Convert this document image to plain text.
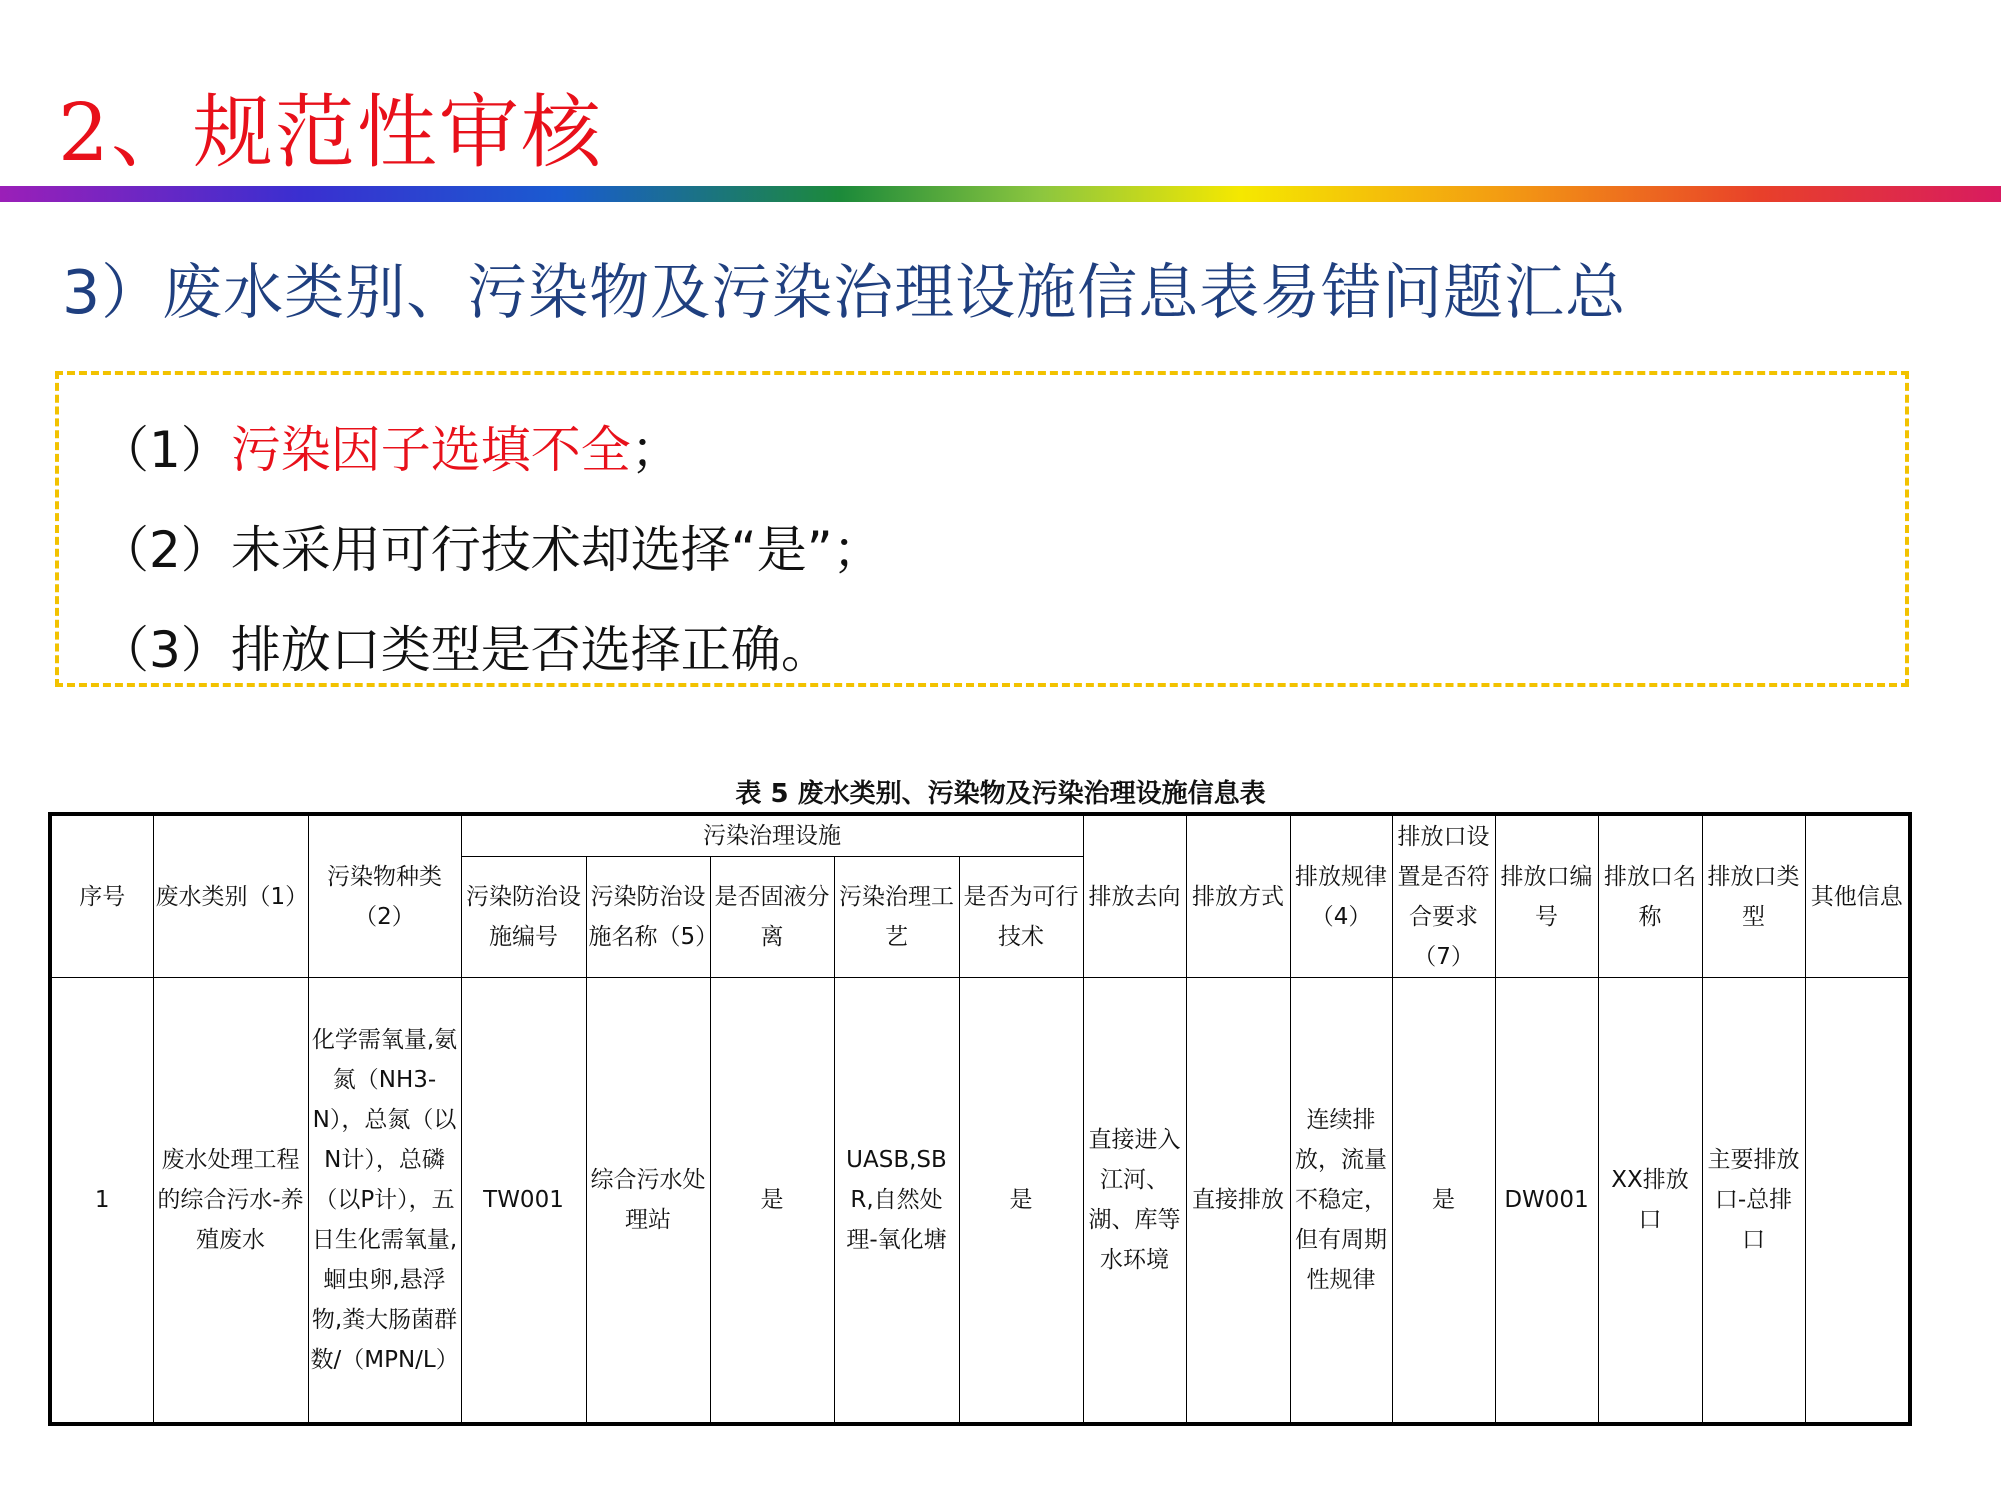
2、规范性审核
3）废水类别、污染物及污染治理设施信息表易错问题汇总
（1）污染因子选填不全；
（2）未采用可行技术却选择“是”；
（3）排放口类型是否选择正确。
表 5 废水类别、污染物及污染治理设施信息表
序号	废水类别（1）	污染物种类（2）	污染治理设施					排放去向	排放方式	排放规律（4）	排放口设置是否符合要求（7）	排放口编号	排放口名称	排放口类型	其他信息
			污染防治设施编号	污染防治设施名称（5）	是否固液分离	污染治理工艺	是否为可行技术								
1	废水处理工程的综合污水-养殖废水	化学需氧量,氨氮（NH3-N），总氮（以N计），总磷（以P计），五日生化需氧量,蛔虫卵,悬浮物,粪大肠菌群数/（MPN/L）	TW001	综合污水处理站	是	UASB,SBR,自然处理-氧化塘	是	直接进入江河、湖、库等水环境	直接排放	连续排放，流量不稳定，但有周期性规律	是	DW001	XX排放口	主要排放口-总排口	
